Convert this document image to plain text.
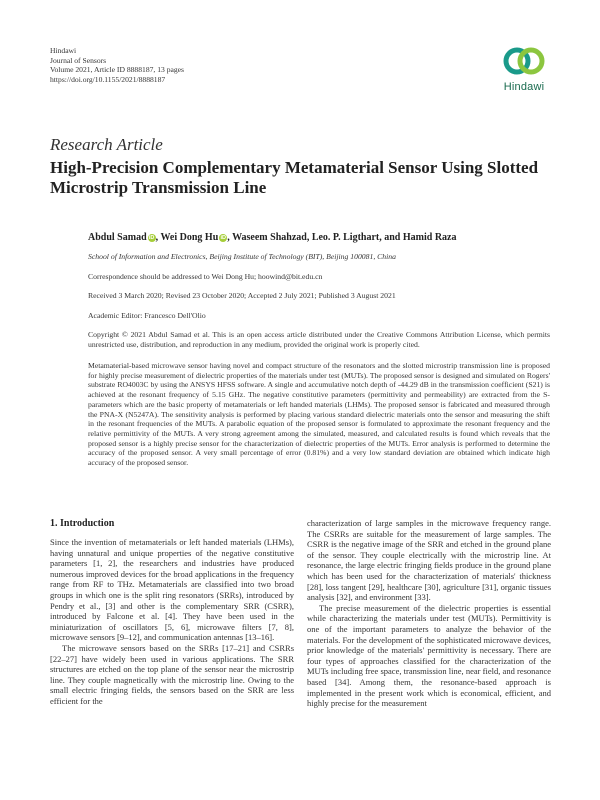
Hindawi
Journal of Sensors
Volume 2021, Article ID 8888187, 13 pages
https://doi.org/10.1155/2021/8888187
Hindawi
Research Article
High-Precision Complementary Metamaterial Sensor Using Slotted Microstrip Transmission Line
Abdul Samad iD, Wei Dong Hu iD, Waseem Shahzad, Leo. P. Ligthart, and Hamid Raza
School of Information and Electronics, Beijing Institute of Technology (BIT), Beijing 100081, China
Correspondence should be addressed to Wei Dong Hu; hoowind@bit.edu.cn
Received 3 March 2020; Revised 23 October 2020; Accepted 2 July 2021; Published 3 August 2021
Academic Editor: Francesco Dell'Olio
Copyright © 2021 Abdul Samad et al. This is an open access article distributed under the Creative Commons Attribution License, which permits unrestricted use, distribution, and reproduction in any medium, provided the original work is properly cited.
Metamaterial-based microwave sensor having novel and compact structure of the resonators and the slotted microstrip transmission line is proposed for highly precise measurement of dielectric properties of the materials under test (MUTs). The proposed sensor is designed and simulated on Rogers' substrate RO4003C by using the ANSYS HFSS software. A single and accumulative notch depth of -44.29 dB in the transmission coefficient (S21) is achieved at the resonant frequency of 5.15 GHz. The negative constitutive parameters (permittivity and permeability) are extracted from the S-parameters which are the basic property of metamaterials or left handed materials (LHMs). The proposed sensor is fabricated and measured through the PNA-X (N5247A). The sensitivity analysis is performed by placing various standard dielectric materials onto the sensor and measuring the shift in the resonant frequencies of the MUTs. A parabolic equation of the proposed sensor is formulated to approximate the resonant frequency and the relative permittivity of the MUTs. A very strong agreement among the simulated, measured, and calculated results is found which reveals that the proposed sensor is a highly precise sensor for the characterization of dielectric properties of the MUTs. Error analysis is performed to determine the accuracy of the proposed sensor. A very small percentage of error (0.81%) and a very low standard deviation are obtained which indicate high accuracy of the proposed sensor.
1. Introduction

Since the invention of metamaterials or left handed materials (LHMs), having unnatural and unique properties of the negative constitutive parameters [1, 2], the researchers and industries have produced numerous improved devices for the broad applications in the frequency range from RF to THz. Metamaterials are classified into two broad groups in which one is the split ring resonators (SRRs), introduced by Pendry et al., [3] and other is the complementary SRR (CSRR), introduced by Falcone et al. [4]. They have been used in the miniaturization of oscillators [5, 6], microwave filters [7, 8], microwave sensors [9–12], and communication antennas [13–16].

The microwave sensors based on the SRRs [17–21] and CSRRs [22–27] have widely been used in various applications. The SRR structures are etched on the top plane of the sensor near the microstrip line. They couple magnetically with the microstrip line. Owing to the small electric fringing fields, the sensors based on the SRR are less efficient for the

characterization of large samples in the microwave frequency range. The CSRRs are suitable for the measurement of large samples. The CSRR is the negative image of the SRR and etched in the ground plane of the sensor. They couple electrically with the microstrip line. At resonance, the large electric fringing fields produce in the ground plane which has been used for the characterization of materials' thickness [28], loss tangent [29], healthcare [30], agriculture [31], organic tissues analysis [32], and environment [33].

The precise measurement of the dielectric properties is essential while characterizing the materials under test (MUTs). Permittivity is one of the important parameters to analyze the behavior of the materials. For the development of the sophisticated microwave devices, prior knowledge of the materials' permittivity is necessary. There are four types of approaches classified for the characterization of the MUTs including free space, transmission line, near field, and resonance based [34]. Among them, the resonance-based approach is implemented in the present work which is economical, efficient, and highly precise for the measurement
